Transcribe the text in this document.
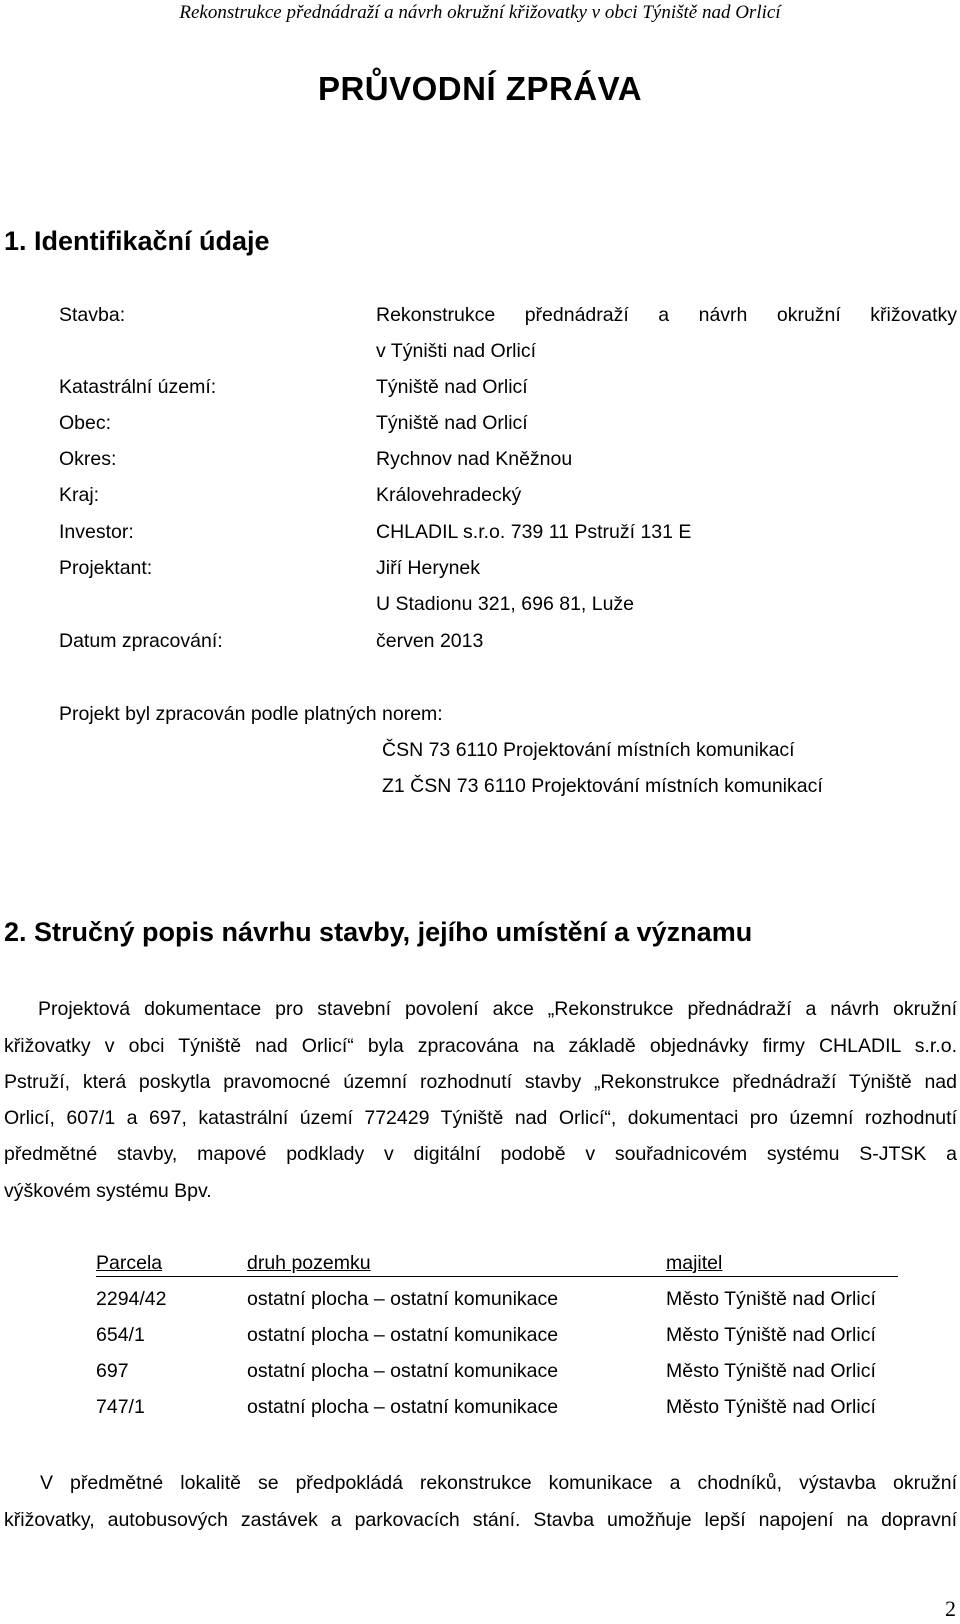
Rekonstrukce přednádraží a návrh okružní křižovatky v obci Týniště nad Orlicí
PRŮVODNÍ ZPRÁVA
1. Identifikační údaje
Stavba:	Rekonstrukce přednádraží a návrh okružní křižovatky
v Týništi nad Orlicí
Katastrální území:	Týniště nad Orlicí
Obec:	Týniště nad Orlicí
Okres:	Rychnov nad Kněžnou
Kraj:	Královehradecký
Investor:	CHLADIL s.r.o. 739 11 Pstruží 131 E
Projektant:	Jiří Herynek
U Stadionu 321, 696 81, Luže
Datum zpracování:	červen 2013
Projekt byl zpracován podle platných norem:
ČSN 73 6110 Projektování místních komunikací
Z1 ČSN 73 6110 Projektování místních komunikací
2. Stručný popis návrhu stavby, jejího umístění a významu
Projektová dokumentace pro stavební povolení akce „Rekonstrukce přednádraží a návrh okružní
křižovatky v obci Týniště nad Orlicí“ byla zpracována na základě objednávky firmy CHLADIL s.r.o.
Pstruží, která poskytla pravomocné územní rozhodnutí stavby „Rekonstrukce přednádraží Týniště nad
Orlicí, 607/1 a 697, katastrální území 772429 Týniště nad Orlicí“, dokumentaci pro územní rozhodnutí
předmětné stavby, mapové podklady v digitální podobě v souřadnicovém systému S-JTSK a
výškovém systému Bpv.
Parcela	druh pozemku	majitel
2294/42	ostatní plocha – ostatní komunikace	Město Týniště nad Orlicí
654/1	ostatní plocha – ostatní komunikace	Město Týniště nad Orlicí
697	ostatní plocha – ostatní komunikace	Město Týniště nad Orlicí
747/1	ostatní plocha – ostatní komunikace	Město Týniště nad Orlicí
V předmětné lokalitě se předpokládá rekonstrukce komunikace a chodníků, výstavba okružní
křižovatky, autobusových zastávek a parkovacích stání. Stavba umožňuje lepší napojení na dopravní
2
